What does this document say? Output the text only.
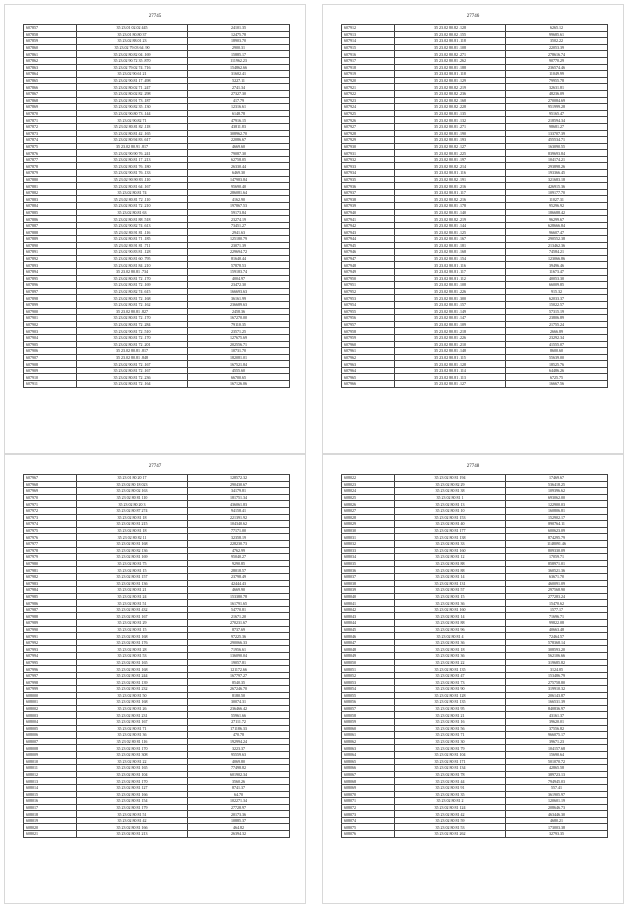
27745
607857	35 23.01 02.02 445	24101.35
607858	35 23.01 80.80 37	12475.78
607859	35 23.02 88.01 23	18903.70
607860	35 23.02 79.03 64 .90	2900.31
607861	35 23.02 80.82 04 .169	15885.17
607862	35 23.02 90.72 35 .870	111962.23
607863	35 23.02 79.02 74 .716	154862.66
607864	35 23.02 90.61 21	31602.41
607865	35 23.02 90.81 17 .498	5227.11
607866	35 23.02 80.02 71 .247	2741.34
607867	35 23.02 80.02 82 .298	27327.30
607868	35 23.02 80.91 73 .187	417.79
607869	35 23.02 90.82 35 .130	12316.61
607870	35 23.02 90.80 73 .144	6148.78
607871	35 23.02 90.82 71	47916.15
607872	35 23.02 80.81 82 .118	43811.83
607873	35 23.02 80.81 42 .165	308962.70
607874	35 23.02 80.94 83 .617	22086.67
607875	35 23.02 80.91 .817	4669.60
607876	35 23.02 90.90 76 .241	79087.30
607877	35 23.02 80.81 17 .213	62758.05
607878	35 23.02 80.81 76 .180	26330.44
607879	35 23.02 90.81 76 .133	6469.30
607880	35 23.02 90.90 83 .110	147983.84
607881	35 23.02 80.81 64 .167	95690.40
607882	35 23.02 80.81 74	286081.64
607883	35 23.02 80.81 72 .110	4162.90
607884	35 23.02 80.81 72 .210	197867.53
607885	35 23.02 80.81 63	59173.84
607886	35 23.02 80.81 88 .518	23274.19
607887	35 23.02 90.82 74 .613	73451.27
607888	35 23.02 80.91 81 .116	2941.63
607889	35 23.02 80.81 71 .185	125180.79
607890	35 23.02 80.91 81 .711	23071.39
607891	35 23.02 90.83 81 .128	229694.72
607892	35 23.02 80.81 60 .795	81640.44
607893	35 23.02 80.81 84 .210	57878.53
607894	35 23.02 80.81 .734	159183.74
607895	35 23.02 80.81 72 .170	4004.97
607896	35 23.02 80.81 72 .169	23472.30
607897	35 23.02 80.82 74 .615	166693.63
607898	35 23.02 80.81 72 .168	36161.99
607899	35 23.02 80.81 72 .162	236689.63
607900	35 23.02 80.81 .827	2458.36
607901	35 23.02 80.81 72 .170	167270.00
607902	35 23.02 80.81 72 .284	79110.35
607903	35 23.02 90.81 72 .510	23571.25
607904	35 23.02 80.81 72 .170	127675.69
607905	35 23.02 80.81 72 .201	202556.71
607906	35 23.02 80.81 .817	10731.70
607907	35 23.02 80.81 .848	182081.01
607908	35 23.02 90.81 72 .167	167521.84
607909	35 23.02 80.81 72 .167	4555.60
607910	35 23.02 80.81 72 .236	66700.65
607911	35 23.02 80.81 72 .164	167126.06
27746
607912	35 23.02 80.82 .128	6265.12
607913	35 23.02 80.02 .155	99685.61
607914	35 23.02 80.81 .118	3502.22
607915	35 23.02 80.81 .108	22053.39
607916	35 23.02 80.82 .271	278616.74
607917	35 23.02 80.81 .262	90770.29
607918	35 23.02 80.81 .188	236574.46
607919	35 23.02 80.81 .118	11049.99
607920	35 23.02 80.81 .129	79955.78
607921	35 23.02 80.82 .219	32631.81
607922	35 23.02 80.82 .236	48236.09
607923	35 23.02 80.82 .168	270084.69
607924	35 23.02 80.82 .228	951999.28
607925	35 23.02 80.81 .135	95165.47
607926	35 23.02 80.81 .132	218594.34
607927	35 23.02 80.81 .271	98681.27
607928	35 23.02 80.81 .190	133707.39
607929	35 23.02 80.81 .193	455534.71
607930	35 23.02 80.82 .127	163090.55
607931	35 23.02 80.81 .225	839693.84
607932	35 23.02 80.81 .197	104174.21
607933	35 23.02 80.82 .214	293898.26
607934	35 23.02 80.81 .116	193366.45
607935	35 23.02 80.82 .191	321683.18
607936	35 23.02 80.81 .216	426915.36
607937	35 23.02 80.81 .117	109177.70
607938	35 23.02 80.82 .216	11027.31
607939	35 23.02 80.81 .178	95296.92
607940	35 23.02 80.81 .140	186688.42
607941	35 23.02 80.82 .219	96299.67
607942	35 23.02 80.81 .144	628666.84
607943	35 23.02 80.81 .125	96607.47
607944	35 23.02 80.81 .167	290552.38
607945	35 23.02 80.81 .181	213462.36
607946	35 23.02 80.81 .168	74584.21
607947	35 23.02 80.81 .154	123066.86
607948	35 23.02 80.81 .116	39496.46
607949	35 23.02 80.81 .117	11673.47
607950	35 23.02 80.81 .112	40053.30
607951	35 23.02 80.81 .108	66009.85
607952	35 23.02 80.81 .226	915.32
607953	35 23.02 80.81 .300	62033.37
607954	35 23.02 80.81 .157	15022.57
607955	35 23.02 80.81 .149	57315.19
607956	35 23.02 80.81 .147	23806.89
607957	35 23.02 80.81 .109	21755.24
607958	35 23.02 80.81 .218	2666.89
607959	35 23.02 80.81 .226	23292.34
607960	35 23.02 80.81 .210	41555.07
607961	35 23.02 80.81 .148	8600.60
607962	35 23.02 80.81 .115	55639.00
607963	35 23.02 80.81 .128	18525.76
607964	35 23.02 80.81 .114	64486.26
607965	35 23.02 80.81 .113	6725.75
607966	35 23.02 80.81 .127	16667.56
27747
607967	35 23 01 80 20 17	128572.32
607968	35 23 02 80 18 023	290430.67
607969	35 23 02 80 02 163	34179.81
607970	35 23 02 80 81 110	181751.34
607971	35 23 02 80 20 3	436061.83
607972	35 23 02 80 87 274	94158.41
607973	35 23 02 80 81 18	221391.92
607974	35 23 02 80 81 215	104340.62
607975	35 23 02 80 81 18	77171.00
607976	35 23 02 80 82 11	32358.19
607977	35 23 02 80 81 168	228230.73
607978	35 23 02 80 82 136	4762.99
607979	35 23 02 80 81 169	95040.27
607980	35 23 02 80 81 75	9290.85
607981	35 23 02 80 81 15	28018.57
607982	35 23 02 80 81 157	23798.49
607983	35 23 02 80 81 136	42444.43
607984	35 23 02 80 81 21	4669.90
607985	35 23 02 80 81 24	153380.78
607986	35 23 02 80 81 51	161791.65
607987	35 23 02 80 81 432	54770.81
607988	35 23 02 80 81 167	21671.20
607989	35 23 02 80 81 29	270231.67
607990	35 23 02 80 81 15	8737.69
607991	35 23 02 80 81 168	97225.36
607992	35 23 02 80 81 176	290066.33
607993	35 23 02 80 81 28	71956.61
607994	35 23 02 80 81 53	136090.04
607995	35 23 02 80 81 165	19057.81
607996	35 23 02 80 81 168	121172.66
607997	35 23 02 80 81 244	167797.27
607998	35 23 02 80 81 139	8540.35
607999	35 23 02 80 81 232	267246.70
608000	35 23 02 80 81 50	8180.50
608001	35 23 02 80 81 168	30074.31
608002	35 23 02 80 81 26	236466.42
608003	35 23 02 80 81 231	55961.66
608004	35 23 02 80 81 167	27111.72
608005	35 23 02 80 81 71	171186.33
608006	35 23 02 80 81 36	470.78
608007	35 23 02 80 81 116	192994.24
608008	35 23 02 80 81 170	3223.37
608009	35 23 02 80 81 308	95559.63
608010	35 23 02 80 81 22	4069.80
608011	35 23 02 80 81 165	77498.82
608012	35 23 02 80 81 104	601902.34
608013	35 23 02 80 81 170	3560.26
608014	35 23 02 80 81 127	8741.37
608015	35 23 02 80 81 166	64.70
608016	35 23 02 80 81 154	102271.34
608017	35 23 02 80 81 179	27728.97
608018	35 23 02 80 81 51	20173.36
608019	35 23 02 80 81 42	10885.37
608020	35 23 02 80 81 166	464.82
608021	35 23 02 80 81 213	26394.32
27748
608022	35 23 02 80 81 194	17469.67
608023	35 23 02 80 82 29	536418.25
608024	35 23 02 80 81 38	109396.62
608025	35 23 02 80 81 1	693062.00
608026	35 23 02 80 81 13	122900.03
608027	35 23 02 80 81 10	160806.81
608028	35 23 02 80 81 153	152902.17
608029	35 23 02 80 81 40	890764.11
608030	35 23 02 80 81 177	600623.09
608031	35 23 02 80 81 138	874295.79
608032	35 23 02 80 81 33	1148091.46
608033	35 23 02 80 81 160	809330.09
608034	35 23 02 80 81 12	17059.71
608035	35 23 02 80 81 88	858971.01
608036	35 23 02 80 81 88	360521.36
608037	35 23 02 80 81 14	63671.70
608038	35 23 02 80 81 131	460091.09
608039	35 23 02 80 81 57	297568.90
608040	35 23 02 80 81 15	277283.24
608041	35 23 02 80 81 36	15470.62
608042	35 23 02 80 81 160	1577.17
608043	35 23 02 80 81 14	71696.71
608044	35 23 02 80 81 88	99822.08
608045	35 23 02 80 81 96	40663.48
608046	35 23 02 80 81 4	72464.57
608047	35 23 02 80 81 36	578368.14
608048	35 23 02 80 81 18	308593.20
608049	35 23 02 80 81 36	562106.66
608050	35 23 02 80 81 22	319685.82
608051	35 23 02 80 81 135	3124.05
608052	35 23 02 80 81 47	153486.79
608053	35 23 02 80 81 73	275758.80
608054	35 23 02 80 81 90	319910.32
608055	35 23 02 80 81 128	206143.87
608056	35 23 02 80 81 135	166531.39
608057	35 23 02 80 81 95	840836.97
608058	35 23 02 80 81 21	43161.37
608059	35 23 02 80 81 16	39620.01
608060	35 23 02 80 81 56	37556.82
608061	35 23 02 80 81 71	966075.17
608062	35 23 02 80 81 30	39671.23
608063	35 23 02 80 81 79	104157.68
608064	35 23 02 80 81 104	15690.64
608065	35 23 02 80 81 171	501070.72
608066	35 23 02 80 81 134	42865.58
608067	35 23 02 80 81 78	389723.13
608068	35 23 02 80 81 44	794945.03
608069	35 23 02 80 81 91	557.41
608070	35 23 02 80 81 35	361905.97
608071	35 23 02 80 81 2	120601.19
608072	35 23 02 80 81 124	208646.73
608073	35 23 02 80 81 42	463446.30
608074	35 23 02 80 81 59	4680.21
608075	35 23 02 80 81 53	173003.38
608076	35 23 02 80 81 262	32793.35
